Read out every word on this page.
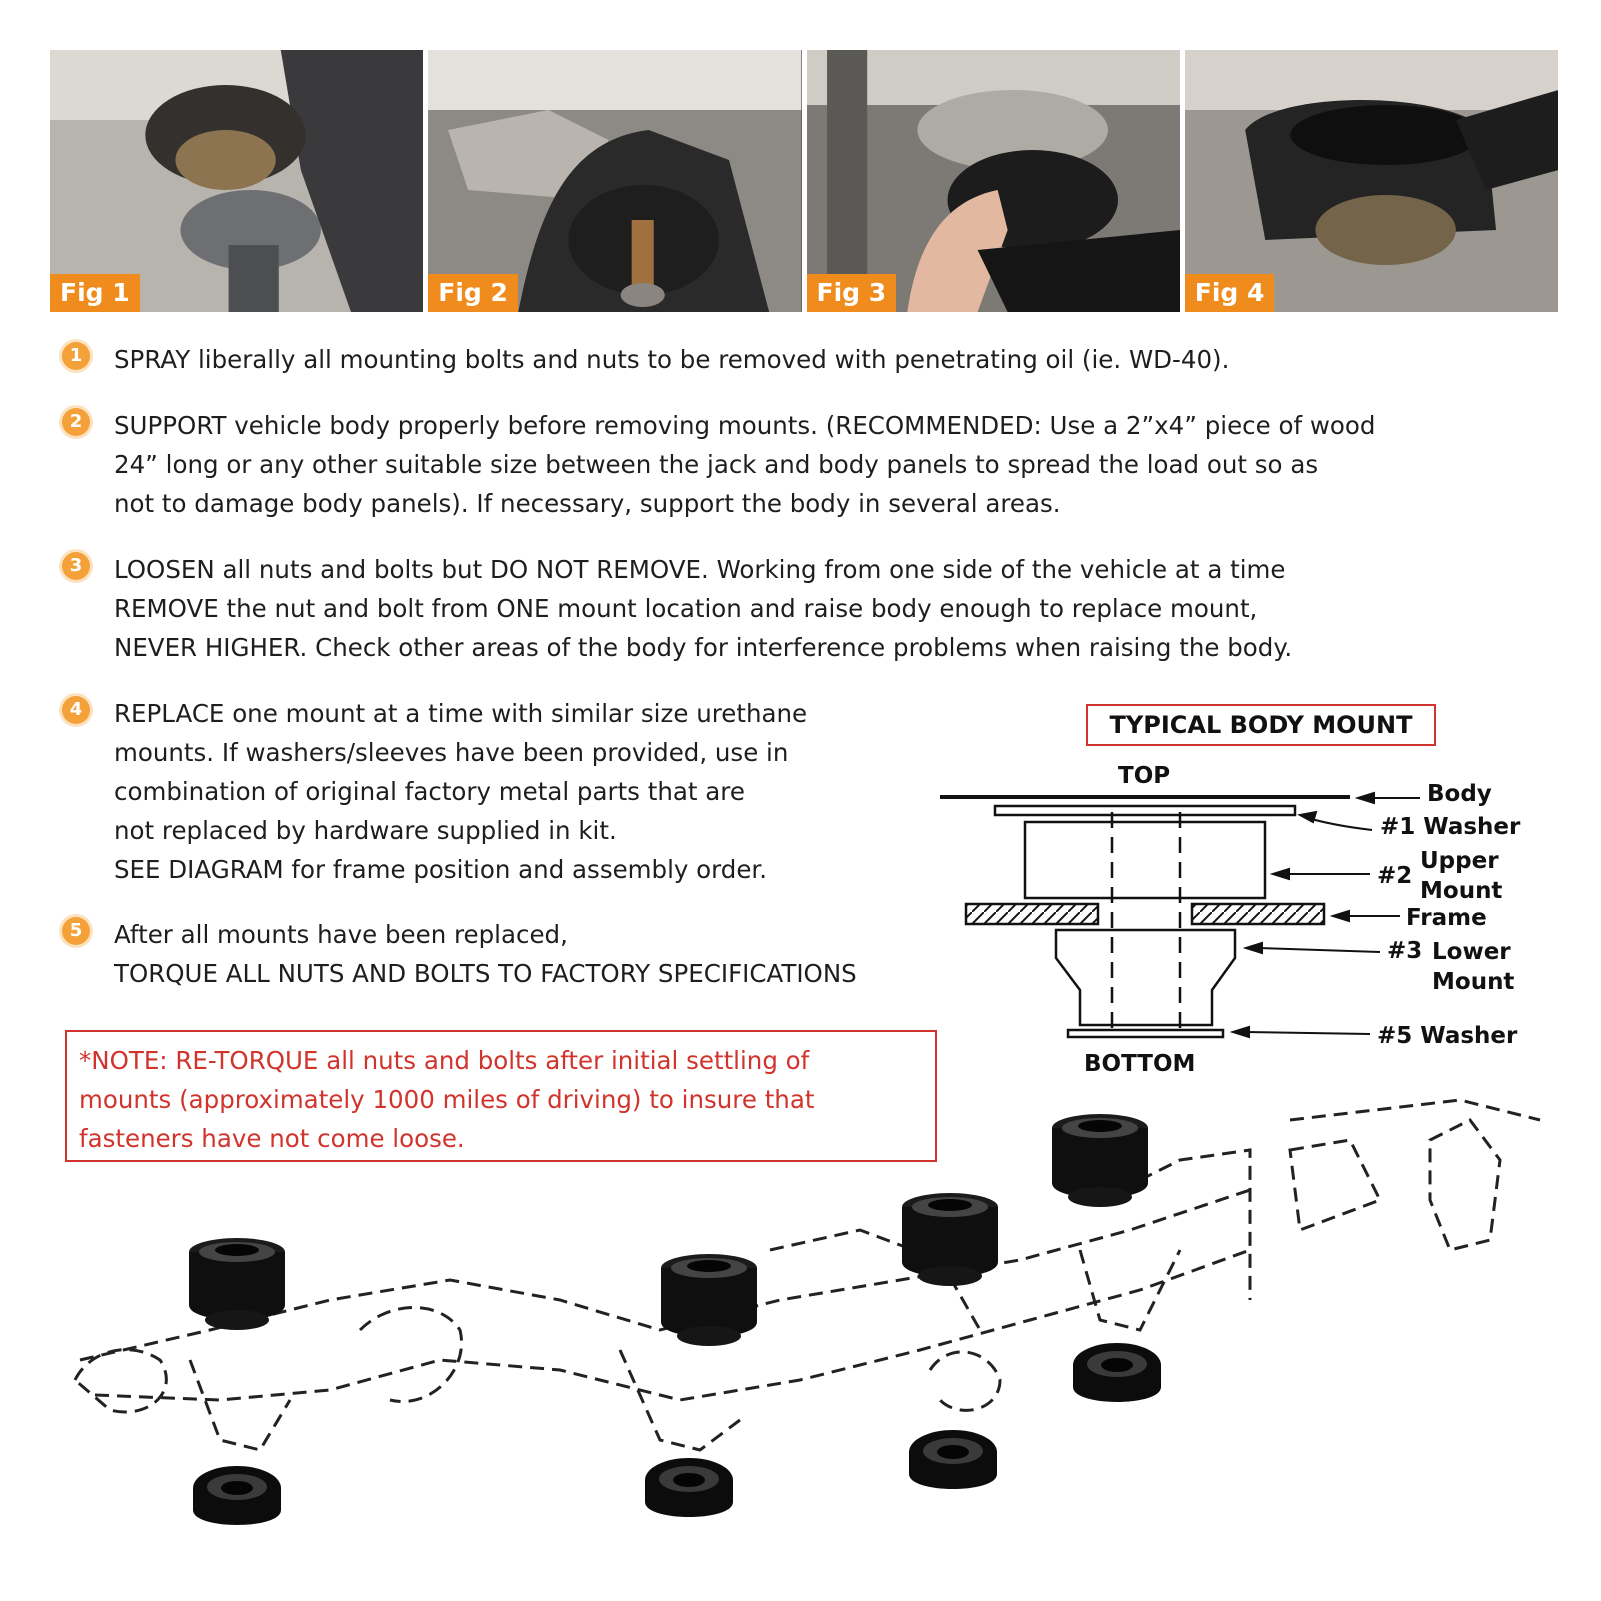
Fig 1	Fig 2	Fig 3	Fig 4
1	SPRAY liberally all mounting bolts and nuts to be removed with penetrating oil (ie. WD-40).
2	SUPPORT vehicle body properly before removing mounts. (RECOMMENDED: Use a 2”x4” piece of wood
24” long or any other suitable size between the jack and body panels to spread the load out so as
not to damage body panels). If necessary, support the body in several areas.
3	LOOSEN all nuts and bolts but DO NOT REMOVE. Working from one side of the vehicle at a time
REMOVE the nut and bolt from ONE mount location and raise body enough to replace mount,
NEVER HIGHER. Check other areas of the body for interference problems when raising the body.
4	REPLACE one mount at a time with similar size urethane
mounts. If washers/sleeves have been provided, use in
combination of original factory metal parts that are
not replaced by hardware supplied in kit.
SEE DIAGRAM for frame position and assembly order.
5	After all mounts have been replaced,
TORQUE ALL NUTS AND BOLTS TO FACTORY SPECIFICATIONS
*NOTE: RE-TORQUE all nuts and bolts after initial settling of
mounts (approximately 1000 miles of driving) to insure that
fasteners have not come loose.
TYPICAL BODY MOUNT
TOP
BOTTOM
Body
#1 Washer
#2
Upper
Mount
Frame
#3 Lower
Mount
#5 Washer
